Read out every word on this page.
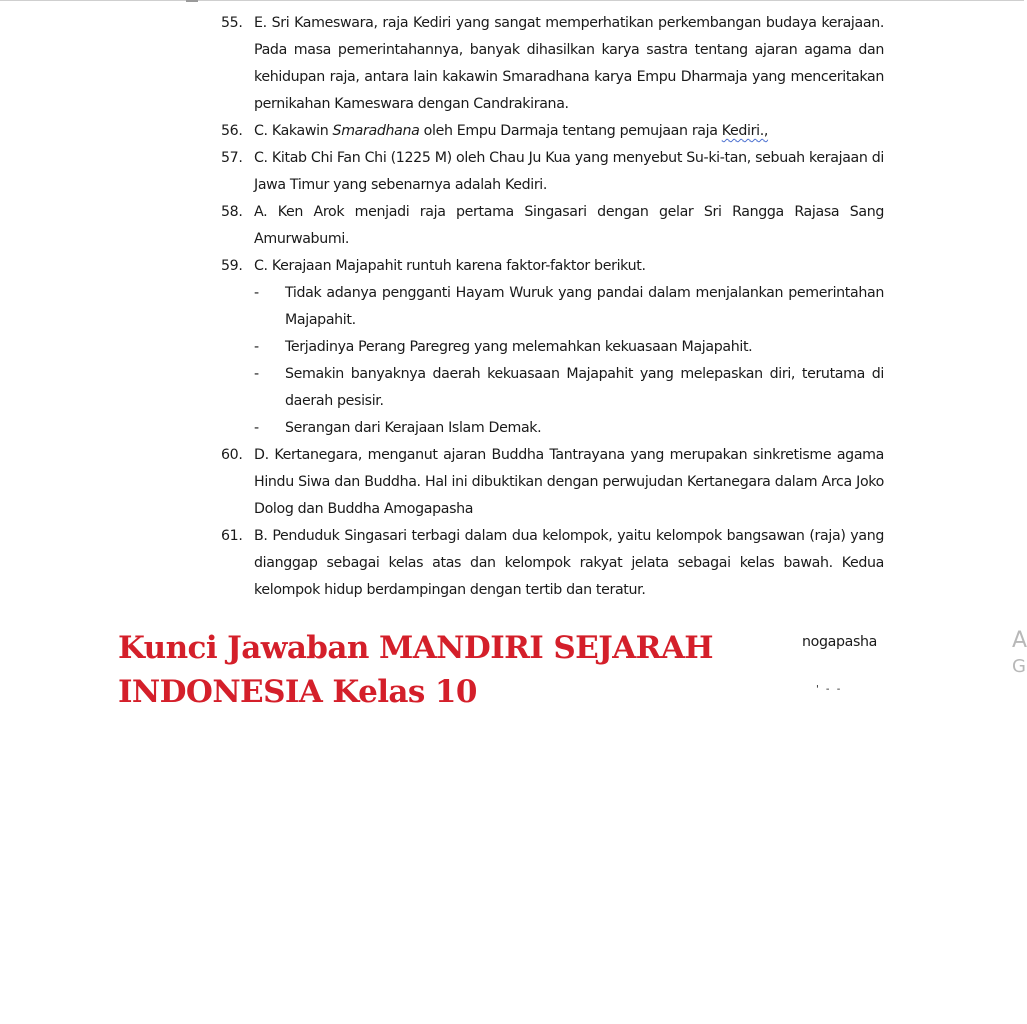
55. E. Sri Kameswara, raja Kediri yang sangat memperhatikan perkembangan budaya kerajaan. Pada masa pemerintahannya, banyak dihasilkan karya sastra tentang ajaran agama dan kehidupan raja, antara lain kakawin Smaradhana karya Empu Dharmaja yang menceritakan pernikahan Kameswara dengan Candrakirana.
56. C. Kakawin Smaradhana oleh Empu Darmaja tentang pemujaan raja Kediri.,
57. C. Kitab Chi Fan Chi (1225 M) oleh Chau Ju Kua yang menyebut Su-ki-tan, sebuah kerajaan di Jawa Timur yang sebenarnya adalah Kediri.
58. A. Ken Arok menjadi raja pertama Singasari dengan gelar Sri Rangga Rajasa Sang Amurwabumi.
59. C. Kerajaan Majapahit runtuh karena faktor-faktor berikut.
-	Tidak adanya pengganti Hayam Wuruk yang pandai dalam menjalankan pemerintahan Majapahit.
-	Terjadinya Perang Paregreg yang melemahkan kekuasaan Majapahit.
-	Semakin banyaknya daerah kekuasaan Majapahit yang melepaskan diri, terutama di daerah pesisir.
-	Serangan dari Kerajaan Islam Demak.
60. D. Kertanegara, menganut ajaran Buddha Tantrayana yang merupakan sinkretisme agama Hindu Siwa dan Buddha. Hal ini dibuktikan dengan perwujudan Kertanegara dalam Arca Joko Dolog dan Buddha Amogapasha
61. B. Penduduk Singasari terbagi dalam dua kelompok, yaitu kelompok bangsawan (raja) yang dianggap sebagai kelas atas dan kelompok rakyat jelata sebagai kelas bawah. Kedua kelompok hidup berdampingan dengan tertib dan teratur.
Kunci Jawaban MANDIRI SEJARAH
INDONESIA Kelas 10
nogapasha
' - -
A
G
